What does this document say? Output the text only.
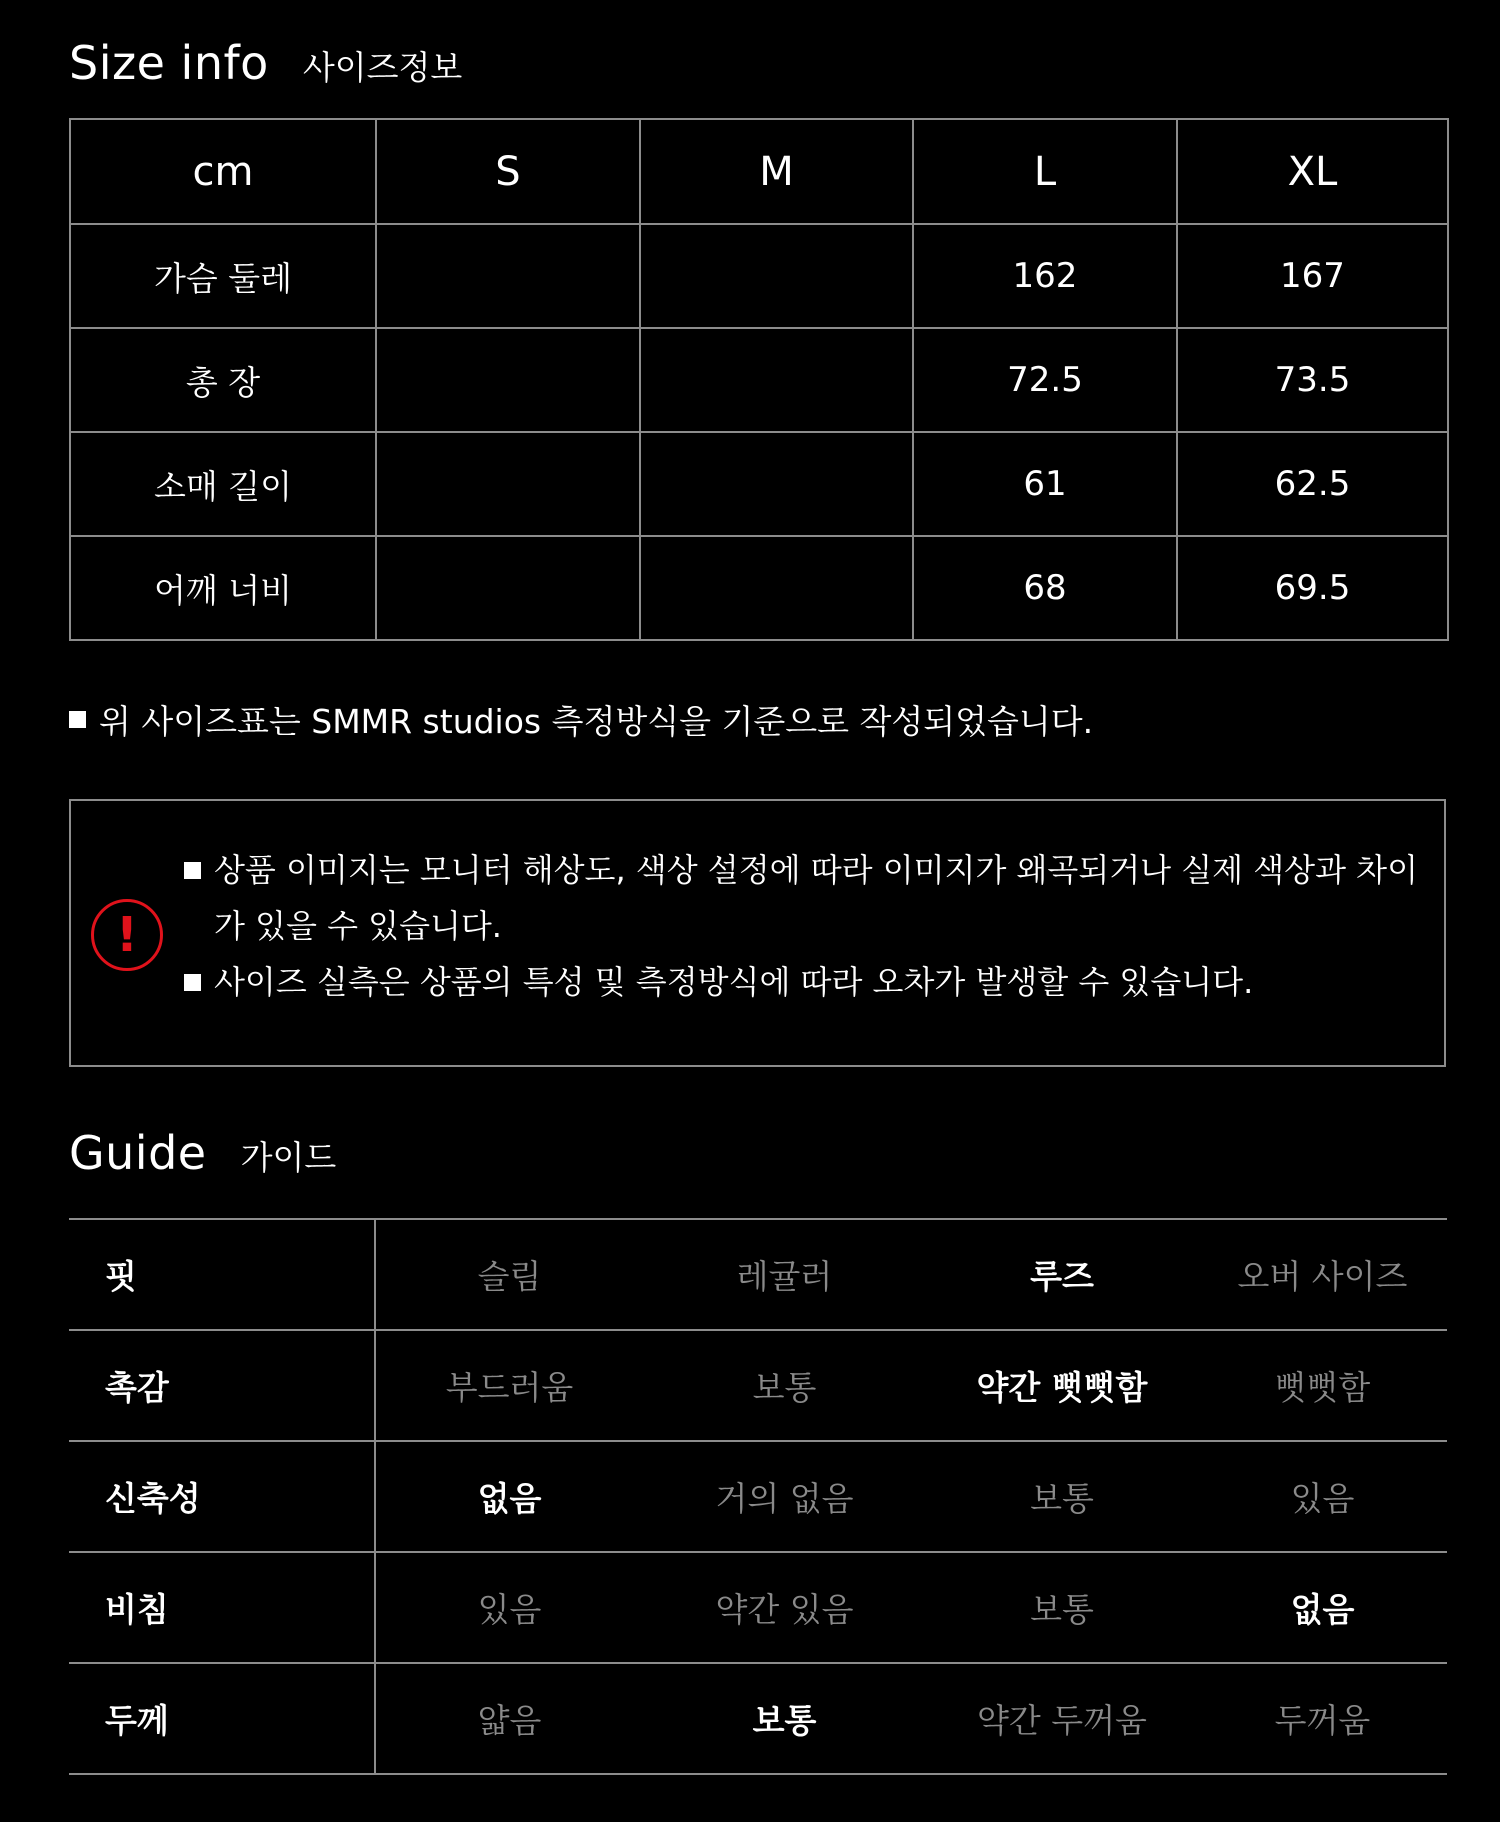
Size info 사이즈정보
cm	S	M	L	XL
가슴 둘레			162	167
총 장			72.5	73.5
소매 길이			61	62.5
어깨 너비			68	69.5
위 사이즈표는 SMMR studios 측정방식을 기준으로 작성되었습니다.
!
상품 이미지는 모니터 해상도, 색상 설정에 따라 이미지가 왜곡되거나 실제 색상과 차이가 있을 수 있습니다.
사이즈 실측은 상품의 특성 및 측정방식에 따라 오차가 발생할 수 있습니다.
Guide 가이드
핏	슬림	레귤러	루즈	오버 사이즈
촉감	부드러움	보통	약간 뻣뻣함	뻣뻣함
신축성	없음	거의 없음	보통	있음
비침	있음	약간 있음	보통	없음
두께	얇음	보통	약간 두꺼움	두꺼움
